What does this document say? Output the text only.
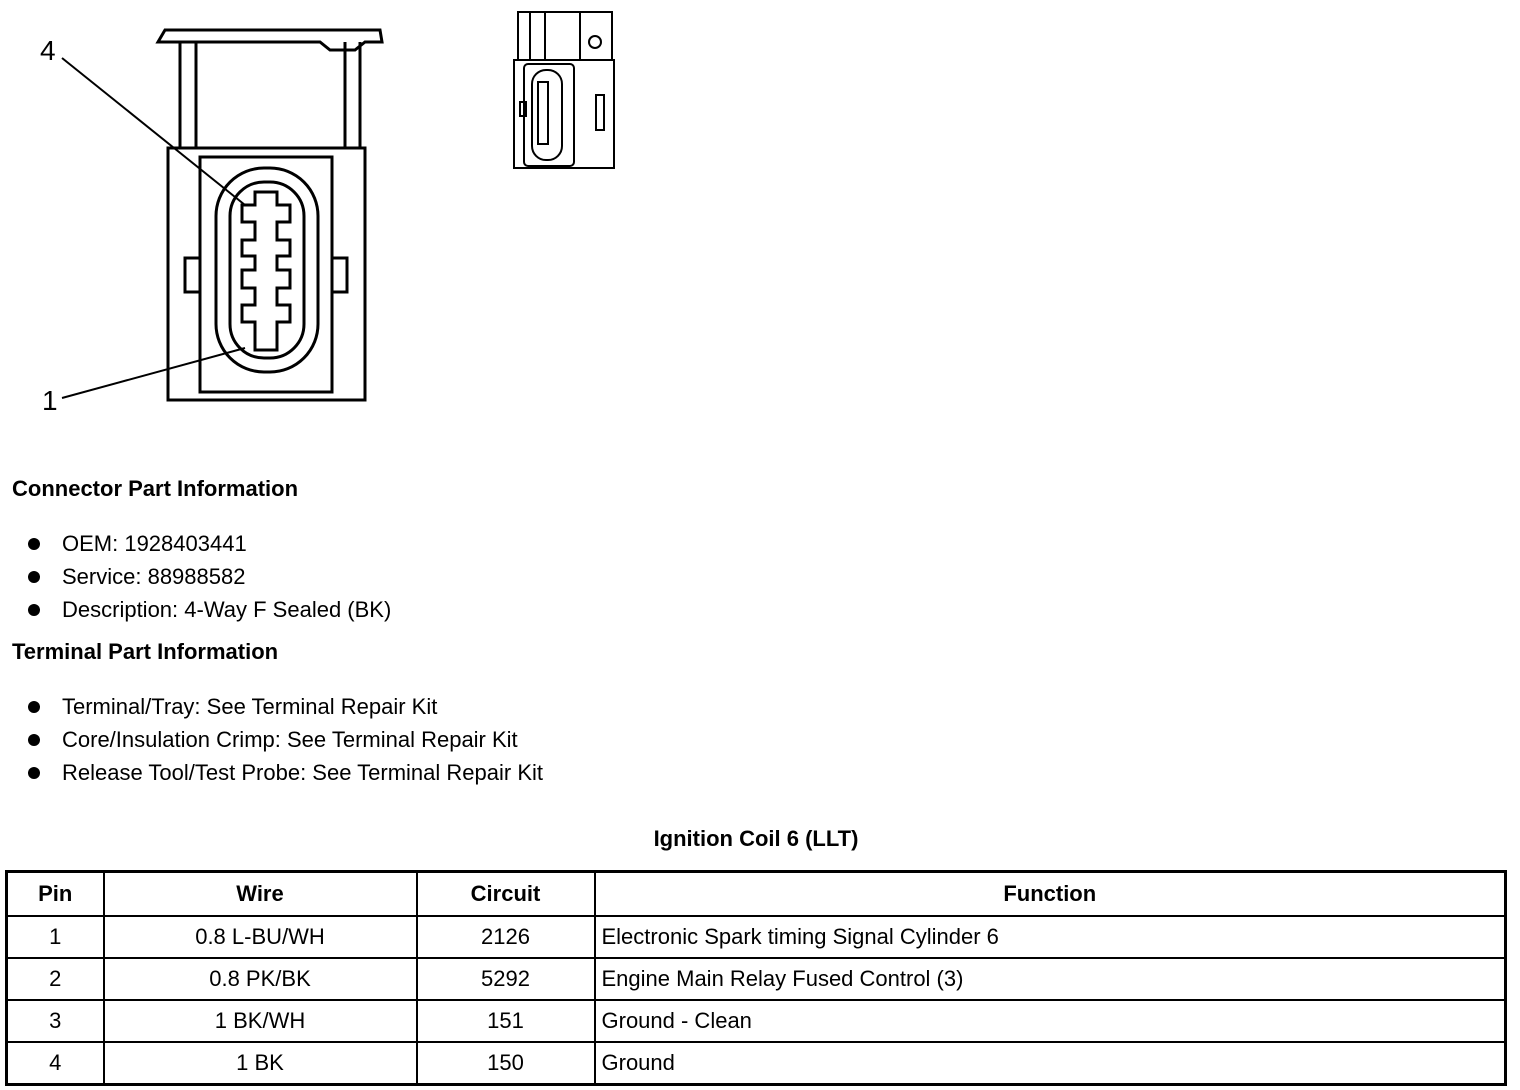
4
1
Connector Part Information
OEM: 1928403441
Service: 88988582
Description: 4-Way F Sealed (BK)
Terminal Part Information
Terminal/Tray: See Terminal Repair Kit
Core/Insulation Crimp: See Terminal Repair Kit
Release Tool/Test Probe: See Terminal Repair Kit
Ignition Coil 6 (LLT)
Pin	Wire	Circuit	Function
1	0.8 L-BU/WH	2126	Electronic Spark timing Signal Cylinder 6
2	0.8 PK/BK	5292	Engine Main Relay Fused Control (3)
3	1 BK/WH	151	Ground - Clean
4	1 BK	150	Ground
